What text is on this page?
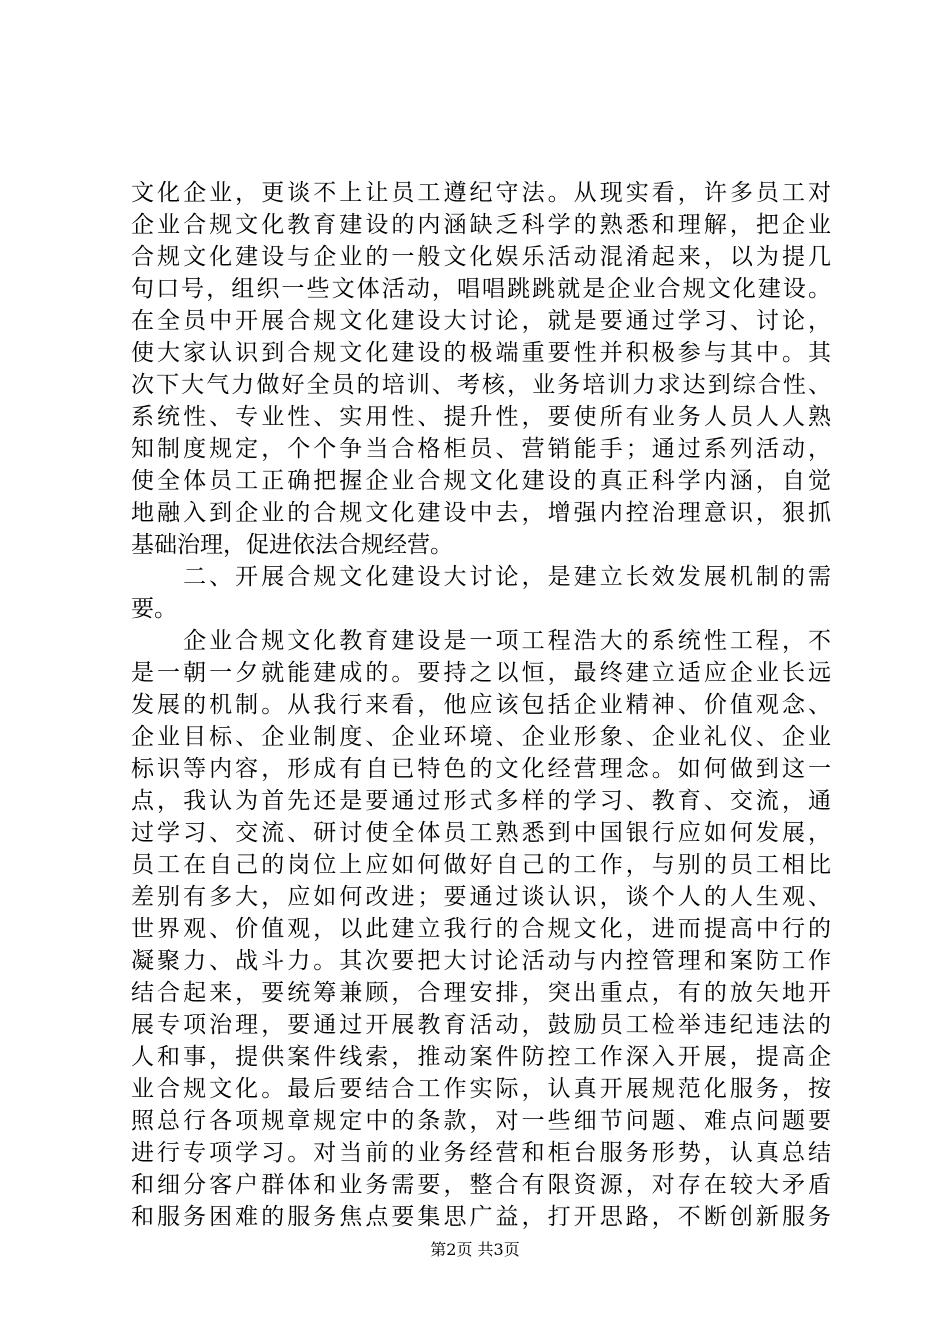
文化企业，更谈不上让员工遵纪守法。从现实看，许多员工对
企业合规文化教育建设的内涵缺乏科学的熟悉和理解，把企业
合规文化建设与企业的一般文化娱乐活动混淆起来，以为提几
句口号，组织一些文体活动，唱唱跳跳就是企业合规文化建设。
在全员中开展合规文化建设大讨论，就是要通过学习、讨论，
使大家认识到合规文化建设的极端重要性并积极参与其中。其
次下大气力做好全员的培训、考核，业务培训力求达到综合性、
系统性、专业性、实用性、提升性，要使所有业务人员人人熟
知制度规定，个个争当合格柜员、营销能手；通过系列活动，
使全体员工正确把握企业合规文化建设的真正科学内涵，自觉
地融入到企业的合规文化建设中去，增强内控治理意识，狠抓
基础治理，促进依法合规经营。
　　二、开展合规文化建设大讨论，是建立长效发展机制的需
要。
　　企业合规文化教育建设是一项工程浩大的系统性工程，不
是一朝一夕就能建成的。要持之以恒，最终建立适应企业长远
发展的机制。从我行来看，他应该包括企业精神、价值观念、
企业目标、企业制度、企业环境、企业形象、企业礼仪、企业
标识等内容，形成有自已特色的文化经营理念。如何做到这一
点，我认为首先还是要通过形式多样的学习、教育、交流，通
过学习、交流、研讨使全体员工熟悉到中国银行应如何发展，
员工在自己的岗位上应如何做好自己的工作，与别的员工相比
差别有多大，应如何改进；要通过谈认识，谈个人的人生观、
世界观、价值观，以此建立我行的合规文化，进而提高中行的
凝聚力、战斗力。其次要把大讨论活动与内控管理和案防工作
结合起来，要统筹兼顾，合理安排，突出重点，有的放矢地开
展专项治理，要通过开展教育活动，鼓励员工检举违纪违法的
人和事，提供案件线索，推动案件防控工作深入开展，提高企
业合规文化。最后要结合工作实际，认真开展规范化服务，按
照总行各项规章规定中的条款，对一些细节问题、难点问题要
进行专项学习。对当前的业务经营和柜台服务形势，认真总结
和细分客户群体和业务需要，整合有限资源，对存在较大矛盾
和服务困难的服务焦点要集思广益，打开思路，不断创新服务
第2页 共3页
